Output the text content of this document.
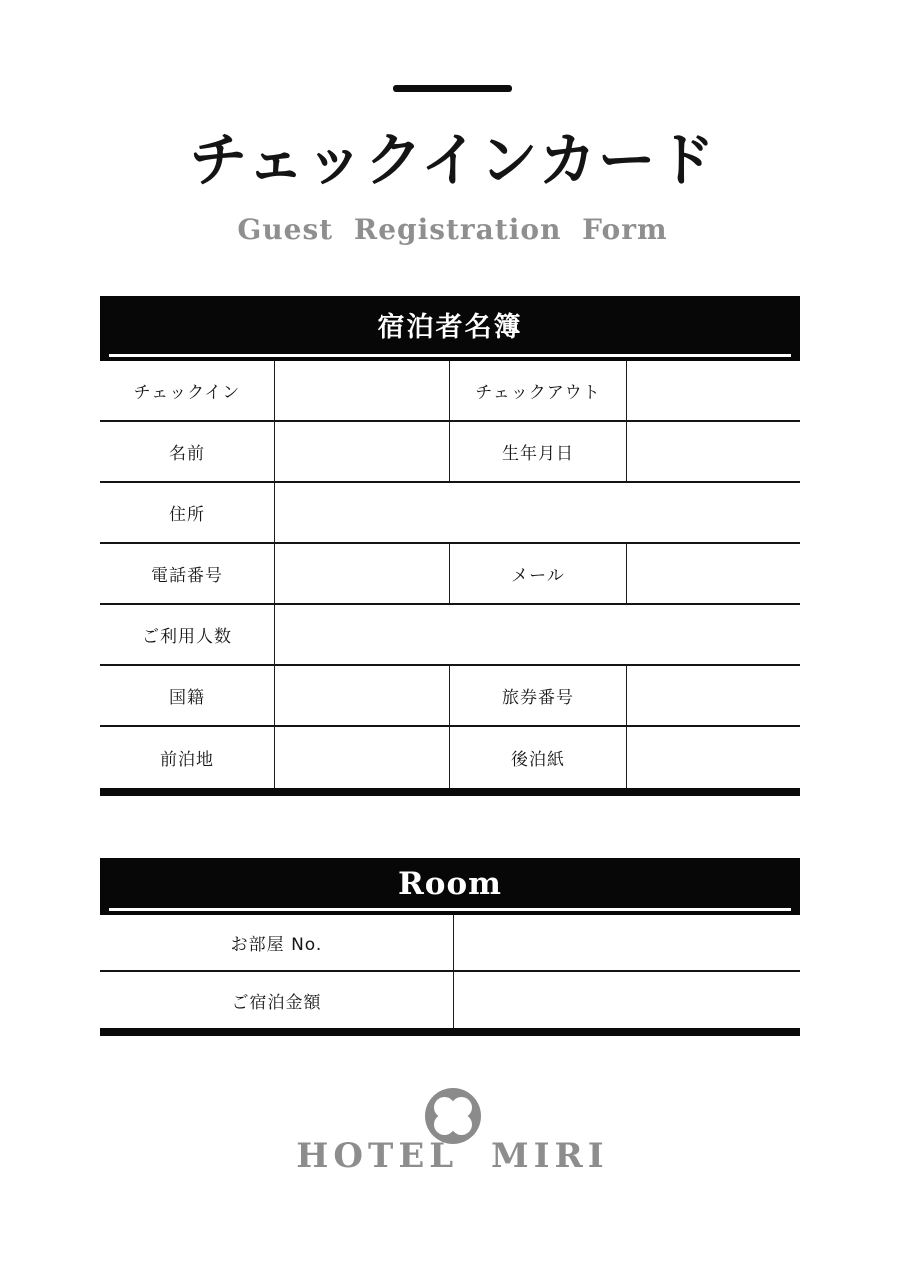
チェックインカード
Guest Registration Form
宿泊者名簿
チェックイン	チェックアウト
名前	生年月日
住所
電話番号	メール
ご利用人数
国籍	旅券番号
前泊地	後泊紙
Room
お部屋 No.
ご宿泊金額
HOTEL MIRI
